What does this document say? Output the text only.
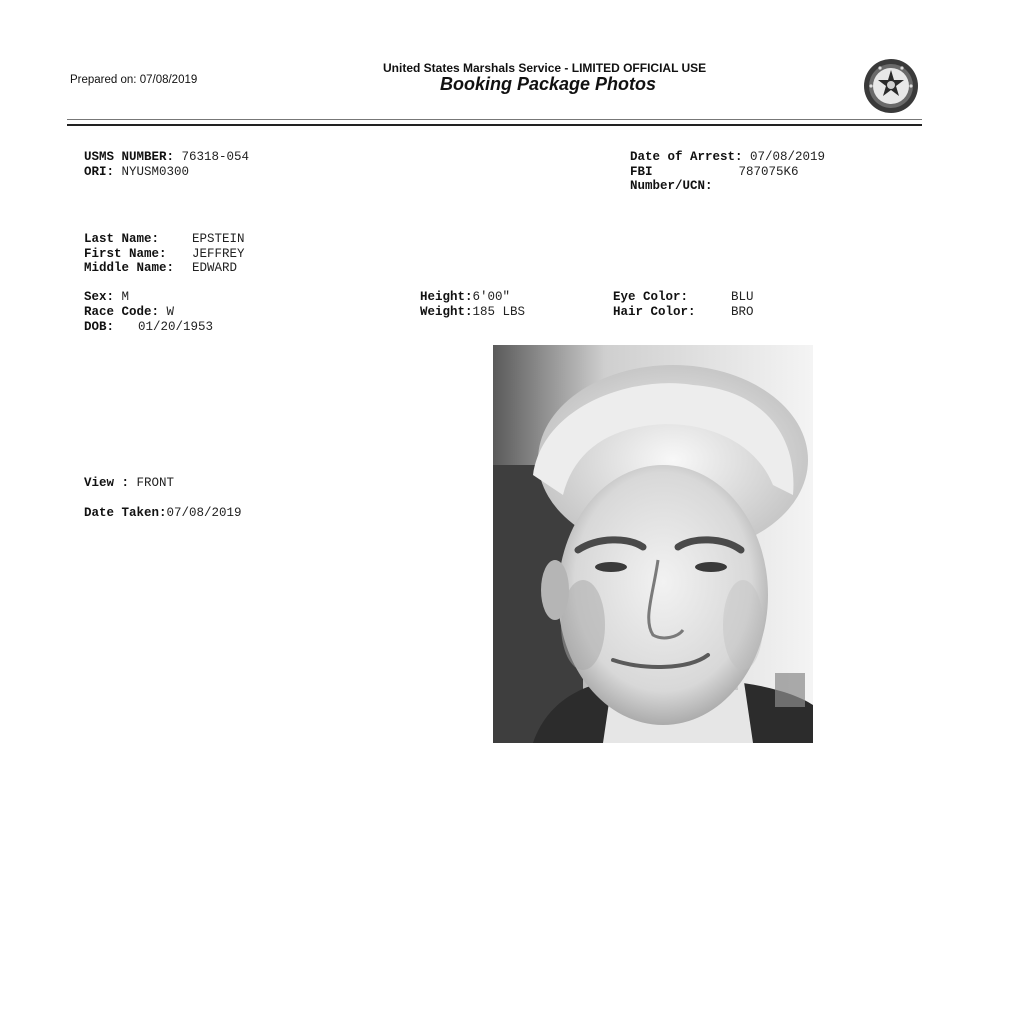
Prepared on: 07/08/2019
United States Marshals Service - LIMITED OFFICIAL USE
Booking Package Photos
USMS NUMBER: 76318-054
ORI: NYUSM0300
Date of Arrest: 07/08/2019
FBI	787075K6
Number/UCN:
Last Name:	EPSTEIN
First Name: JEFFREY
Middle Name: EDWARD
Sex: M
Race Code: W
DOB: 01/20/1953
Height:6'00"
Weight:185 LBS
Eye Color:	BLU
Hair Color:	BRO
View : FRONT
Date Taken:07/08/2019
